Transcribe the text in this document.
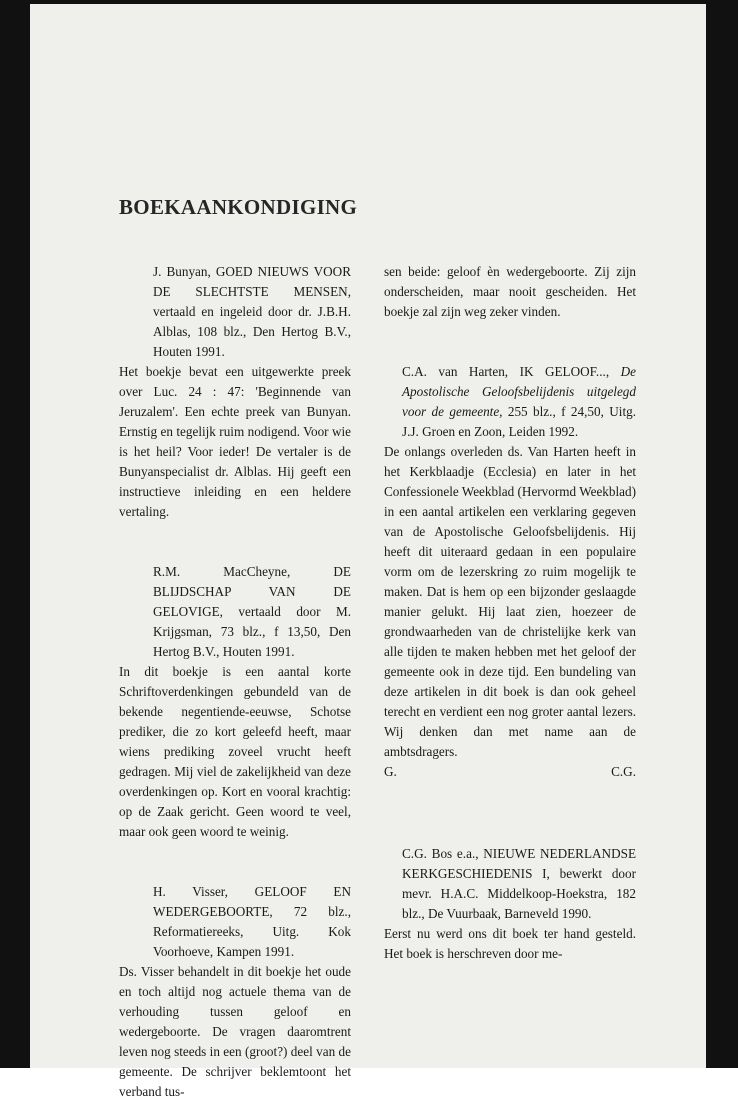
BOEKAANKONDIGING

J. Bunyan, GOED NIEUWS VOOR DE SLECHTSTE MENSEN, vertaald en ingeleid door dr. J.B.H. Alblas, 108 blz., Den Hertog B.V., Houten 1991.

Het boekje bevat een uitgewerkte preek over Luc. 24 : 47: 'Beginnende van Jeruzalem'. Een echte preek van Bunyan. Ernstig en tegelijk ruim nodigend. Voor wie is het heil? Voor ieder! De vertaler is de Bunyanspecialist dr. Alblas. Hij geeft een instructieve inleiding en een heldere vertaling.

R.M. MacCheyne, DE BLIJDSCHAP VAN DE GELOVIGE, vertaald door M. Krijgsman, 73 blz., f 13,50, Den Hertog B.V., Houten 1991.

In dit boekje is een aantal korte Schriftoverdenkingen gebundeld van de bekende negentiende-eeuwse, Schotse prediker, die zo kort geleefd heeft, maar wiens prediking zoveel vrucht heeft gedragen. Mij viel de zakelijkheid van deze overdenkingen op. Kort en vooral krachtig: op de Zaak gericht. Geen woord te veel, maar ook geen woord te weinig.

H. Visser, GELOOF EN WEDERGEBOORTE, 72 blz., Reformatiereeks, Uitg. Kok Voorhoeve, Kampen 1991.

Ds. Visser behandelt in dit boekje het oude en toch altijd nog actuele thema van de verhouding tussen geloof en wedergeboorte. De vragen daaromtrent leven nog steeds in een (groot?) deel van de gemeente. De schrijver beklemtoont het verband tus-

sen beide: geloof èn wedergeboorte. Zij zijn onderscheiden, maar nooit gescheiden. Het boekje zal zijn weg zeker vinden.

C.A. van Harten, IK GELOOF..., De Apostolische Geloofsbelijdenis uitgelegd voor de gemeente, 255 blz., f 24,50, Uitg. J.J. Groen en Zoon, Leiden 1992.

De onlangs overleden ds. Van Harten heeft in het Kerkblaadje (Ecclesia) en later in het Confessionele Weekblad (Hervormd Weekblad) in een aantal artikelen een verklaring gegeven van de Apostolische Geloofsbelijdenis. Hij heeft dit uiteraard gedaan in een populaire vorm om de lezerskring zo ruim mogelijk te maken. Dat is hem op een bijzonder geslaagde manier gelukt. Hij laat zien, hoezeer de grondwaarheden van de christelijke kerk van alle tijden te maken hebben met het geloof der gemeente ook in deze tijd. Een bundeling van deze artikelen in dit boek is dan ook geheel terecht en verdient een nog groter aantal lezers. Wij denken dan met name aan de ambtsdragers.

G.	C.G.

C.G. Bos e.a., NIEUWE NEDERLANDSE KERKGESCHIEDENIS I, bewerkt door mevr. H.A.C. Middelkoop-Hoekstra, 182 blz., De Vuurbaak, Barneveld 1990.

Eerst nu werd ons dit boek ter hand gesteld. Het boek is herschreven door me-
